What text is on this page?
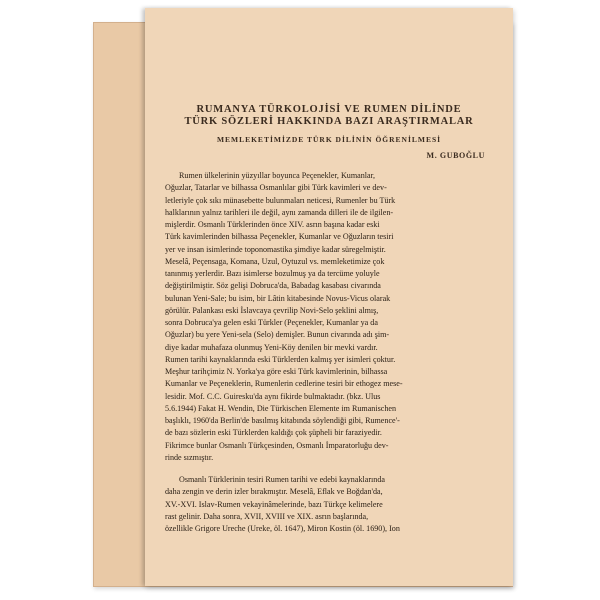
RUMANYA TÜRKOLOJİSİ VE RUMEN DİLİNDE
TÜRK SÖZLERİ HAKKINDA BAZI ARAŞTIRMALAR

MEMLEKETİMİZDE TÜRK DİLİNİN ÖĞRENİLMESİ

M. GUBOĞLU

Rumen ülkelerinin yüzyıllar boyunca Peçenekler, Kumanlar,
Oğuzlar, Tatarlar ve bilhassa Osmanlılar gibi Türk kavimleri ve dev-
letleriyle çok sıkı münasebette bulunmaları neticesi, Rumenler bu Türk
halklarının yalnız tarihleri ile değil, aynı zamanda dilleri ile de ilgilen-
mişlerdir. Osmanlı Türklerinden önce XIV. asrın başına kadar eski
Türk kavimlerinden bilhassa Peçenekler, Kumanlar ve Oğuzların tesiri
yer ve insan isimlerinde toponomastika şimdiye kadar süregelmiştir.
Meselâ, Peçensaga, Komana, Uzul, Oytuzul vs. memleketimize çok
tanınmış yerlerdir. Bazı isimlerse bozulmuş ya da tercüme yoluyle
değiştirilmiştir. Söz gelişi Dobruca'da, Babadag kasabası civarında
bulunan Yeni-Sale; bu isim, bir Lâtin kitabesinde Novus-Vicus olarak
görülür. Palankası eski İslavcaya çevrilip Novi-Selo şeklini almış,
sonra Dobruca'ya gelen eski Türkler (Peçenekler, Kumanlar ya da
Oğuzlar) bu yere Yeni-sela (Selo) demişler. Bunun civarında adı şim-
diye kadar muhafaza olunmuş Yeni-Köy denilen bir mevki vardır.
Rumen tarihi kaynaklarında eski Türklerden kalmış yer isimleri çoktur.
Meşhur tarihçimiz N. Yorka'ya göre eski Türk kavimlerinin, bilhassa
Kumanlar ve Peçeneklerin, Rumenlerin cedlerine tesiri bir ethogez mese-
lesidir. Mof. C.C. Guiresku'da aynı fikirde bulmaktadır. (bkz. Ulus
5.6.1944) Fakat H. Wendin, Die Türkischen Elemente im Rumanischen
başlıklı, 1960'da Berlin'de basılmış kitabında söylendiği gibi, Rumence'-
de bazı sözlerin eski Türklerden kaldığı çok şüpheli bir faraziyedir.
Fikrimce bunlar Osmanlı Türkçesinden, Osmanlı İmparatorluğu dev-
rinde sızmıştır.
Osmanlı Türklerinin tesiri Rumen tarihi ve edebi kaynaklarında
daha zengin ve derin izler bırakmıştır. Meselâ, Eflak ve Boğdan'da,
XV.-XVI. Islav-Rumen vekayinâmelerinde, bazı Türkçe kelimelere
rast gelinir. Daha sonra, XVII, XVIII ve XIX. asrın başlarında,
özellikle Grigore Ureche (Ureke, öl. 1647), Miron Kostin (öl. 1690), Ion
